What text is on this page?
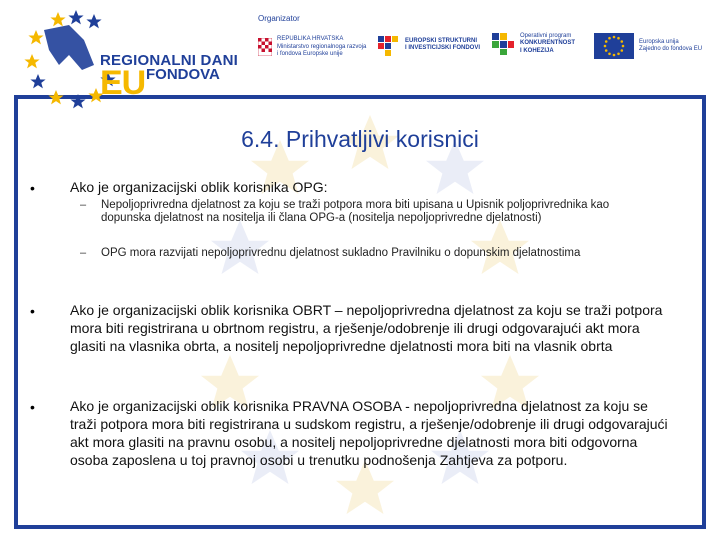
REGIONALNI DANI
EU FONDOVA
Organizator
REPUBLIKA HRVATSKA
Ministarstvo regionalnoga razvoja
i fondova Europske unije
EUROPSKI STRUKTURNI
I INVESTICIJSKI FONDOVI
Operativni program
KONKURENTNOST
I KOHEZIJA
Europska unija
Zajedno do fondova EU
6.4. Prihvatljivi korisnici
•	Ako je organizacijski oblik korisnika OPG:
– Nepoljoprivredna djelatnost za koju se traži potpora mora biti upisana u Upisnik poljoprivrednika kao dopunska djelatnost na nositelja ili člana OPG-a (nositelja nepoljoprivredne djelatnosti)
– OPG mora razvijati nepoljoprivrednu djelatnost sukladno Pravilniku o dopunskim djelatnostima
•	Ako je organizacijski oblik korisnika OBRT – nepoljoprivredna djelatnost za koju se traži potpora mora biti registrirana u obrtnom registru, a rješenje/odobrenje ili drugi odgovarajući akt mora glasiti na vlasnika obrta, a nositelj nepoljoprivredne djelatnosti mora biti na vlasnik obrta
•	Ako je organizacijski oblik korisnika PRAVNA OSOBA - nepoljoprivredna djelatnost za koju se traži potpora mora biti registrirana u sudskom registru, a rješenje/odobrenje ili drugi odgovarajući akt mora glasiti na pravnu osobu, a nositelj nepoljoprivredne djelatnosti mora biti odgovorna osoba zaposlena u toj pravnoj osobi u trenutku podnošenja Zahtjeva za potporu.
